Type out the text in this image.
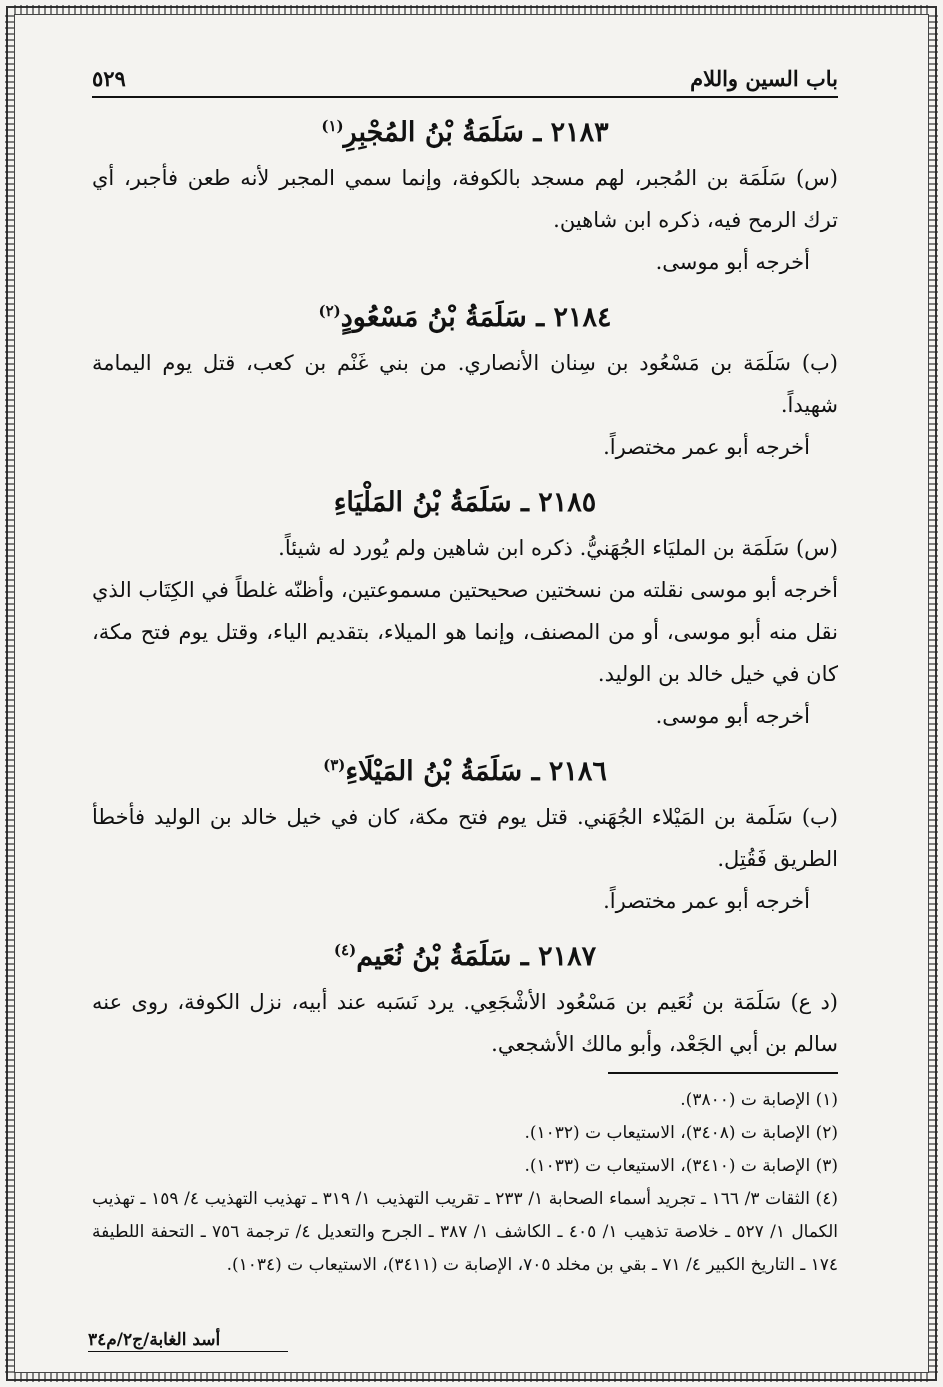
باب السين واللام
٥٢٩
٢١٨٣ ـ سَلَمَةُ بْنُ المُجْبِرِ$^{(١)}$

(س) سَلَمَة بن المُجبر، لهم مسجد بالكوفة، وإنما سمي المجبر لأنه طعن فأجبر، أي ترك الرمح فيه، ذكره ابن شاهين.

أخرجه أبو موسى.

٢١٨٤ ـ سَلَمَةُ بْنُ مَسْعُودٍ$^{(٢)}$

(ب) سَلَمَة بن مَسْعُود بن سِنان الأنصاري. من بني غَنْم بن كعب، قتل يوم اليمامة شهيداً.

أخرجه أبو عمر مختصراً.

٢١٨٥ ـ سَلَمَةُ بْنُ المَلْيَاءِ

(س) سَلَمَة بن المليَاء الجُهَنيُّ. ذكره ابن شاهين ولم يُورد له شيئاً.

أخرجه أبو موسى نقلته من نسختين صحيحتين مسموعتين، وأظنّه غلطاً في الكِتَاب الذي نقل منه أبو موسى، أو من المصنف، وإنما هو الميلاء، بتقديم الياء، وقتل يوم فتح مكة، كان في خيل خالد بن الوليد.

أخرجه أبو موسى.

٢١٨٦ ـ سَلَمَةُ بْنُ المَيْلَاءِ$^{(٣)}$

(ب) سَلَمة بن المَيْلاء الجُهَني. قتل يوم فتح مكة، كان في خيل خالد بن الوليد فأخطأ الطريق فَقُتِل.

أخرجه أبو عمر مختصراً.

٢١٨٧ ـ سَلَمَةُ بْنُ نُعَيم$^{(٤)}$

(د ع) سَلَمَة بن نُعَيم بن مَسْعُود الأشْجَعِي. يرد نَسَبه عند أبيه، نزل الكوفة، روى عنه سالم بن أبي الجَعْد، وأبو مالك الأشجعي.

(١) الإصابة ت (٣٨٠٠).

(٢) الإصابة ت (٣٤٠٨)، الاستيعاب ت (١٠٣٢).

(٣) الإصابة ت (٣٤١٠)، الاستيعاب ت (١٠٣٣).

(٤) الثقات ٣/ ١٦٦ ـ تجريد أسماء الصحابة ١/ ٢٣٣ ـ تقريب التهذيب ١/ ٣١٩ ـ تهذيب التهذيب ٤/ ١٥٩ ـ تهذيب الكمال ١/ ٥٢٧ ـ خلاصة تذهيب ١/ ٤٠٥ ـ الكاشف ١/ ٣٨٧ ـ الجرح والتعديل ٤/ ترجمة ٧٥٦ ـ التحفة اللطيفة ١٧٤ ـ التاريخ الكبير ٤/ ٧١ ـ بقي بن مخلد ٧٠٥، الإصابة ت (٣٤١١)، الاستيعاب ت (١٠٣٤).

أسد الغابة/ج٢/م٣٤
